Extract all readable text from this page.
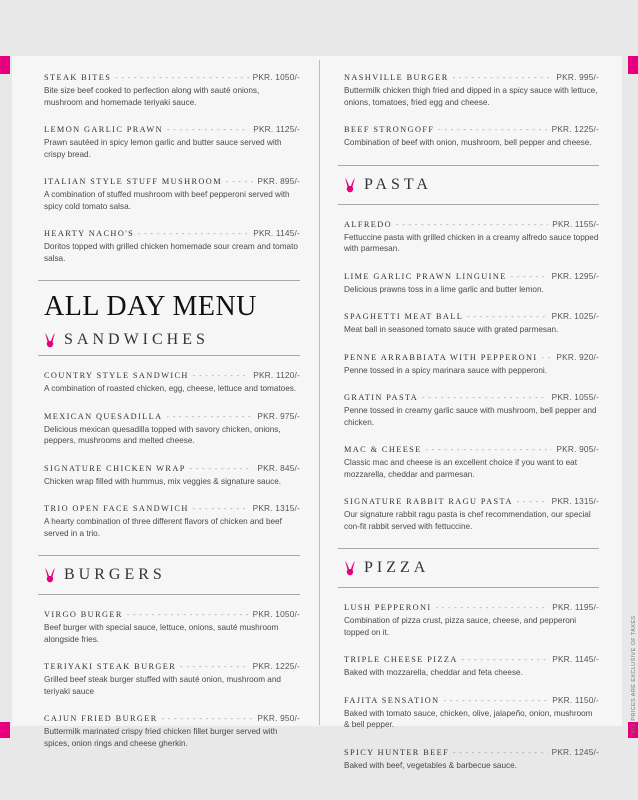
STEAK BITES - - -	PKR. 1050/-
Bite size beef cooked to perfection along with sauté onions, mushroom and homemade teriyaki sauce.
LEMON GARLIC PRAWN - - -	PKR. 1125/-
Prawn sautéed in spicy lemon garlic and butter sauce served with crispy bread.
ITALIAN STYLE STUFF MUSHROOM - - -	PKR. 895/-
A combination of stuffed mushroom with beef pepperoni served with spicy cold tomato salsa.
HEARTY NACHO'S - - -	PKR. 1145/-
Doritos topped with grilled chicken homemade sour cream and tomato salsa.
ALL DAY MENU
SANDWICHES
COUNTRY STYLE SANDWICH - - -	PKR. 1120/-
A combination of roasted chicken, egg, cheese, lettuce and tomatoes.
MEXICAN QUESADILLA - - -	PKR. 975/-
Delicious mexican quesadilla topped with savory chicken, onions, peppers, mushrooms and melted cheese.
SIGNATURE CHICKEN WRAP - - -	PKR. 845/-
Chicken wrap filled with hummus, mix veggies & signature sauce.
TRIO OPEN FACE SANDWICH - - -	PKR. 1315/-
A hearty combination of three different flavors of chicken and beef served in a trio.
BURGERS
VIRGO BURGER - - -	PKR. 1050/-
Beef burger with special sauce, lettuce, onions, sauté mushroom alongside fries.
TERIYAKI STEAK BURGER - - -	PKR. 1225/-
Grilled beef steak burger stuffed with sauté onion, mushroom and teriyaki sauce
CAJUN FRIED BURGER - - -	PKR. 950/-
Buttermilk marinated crispy fried chicken fillet burger served with spices, onion rings and cheese gherkin.
NASHVILLE BURGER - - -	PKR. 995/-
Buttermilk chicken thigh fried and dipped in a spicy sauce with lettuce, onions, tomatoes, fried egg and cheese.
BEEF STRONGOFF - - -	PKR. 1225/-
Combination of beef with onion, mushroom, bell pepper and cheese.
PASTA
ALFREDO - - -	PKR. 1155/-
Fettuccine pasta with grilled chicken in a creamy alfredo sauce topped with parmesan.
LIME GARLIC PRAWN LINGUINE - - -	PKR. 1295/-
Delicious prawns toss in a lime garlic and butter lemon.
SPAGHETTI MEAT BALL - - -	PKR. 1025/-
Meat ball in seasoned tomato sauce with grated parmesan.
PENNE ARRABBIATA WITH PEPPERONI - - - PKR. 920/-
Penne tossed in a spicy marinara sauce with pepperoni.
GRATIN PASTA - - -	PKR. 1055/-
Penne tossed in creamy garlic sauce with mushroom, bell pepper and chicken.
MAC & CHEESE - - -	PKR. 905/-
Classic mac and cheese is an excellent choice if you want to eat mozzarella, cheddar and parmesan.
SIGNATURE RABBIT RAGU PASTA - - -	PKR. 1315/-
Our signature rabbit ragu pasta is chef recommendation, our special con-fit rabbit served with fettuccine.
PIZZA
LUSH PEPPERONI - - -	PKR. 1195/-
Combination of pizza crust, pizza sauce, cheese, and pepperoni topped on it.
TRIPLE CHEESE PIZZA - - -	PKR. 1145/-
Baked with mozzarella, cheddar and feta cheese.
FAJITA SENSATION - - -	PKR. 1150/-
Baked with tomato sauce, chicken, olive, jalapeño, onion, mushroom & bell pepper.
SPICY HUNTER BEEF - - -	PKR. 1245/-
Baked with beef, vegetables & barbecue sauce.
*ALL PRICES ARE EXCLUSIVE OF TAXES
